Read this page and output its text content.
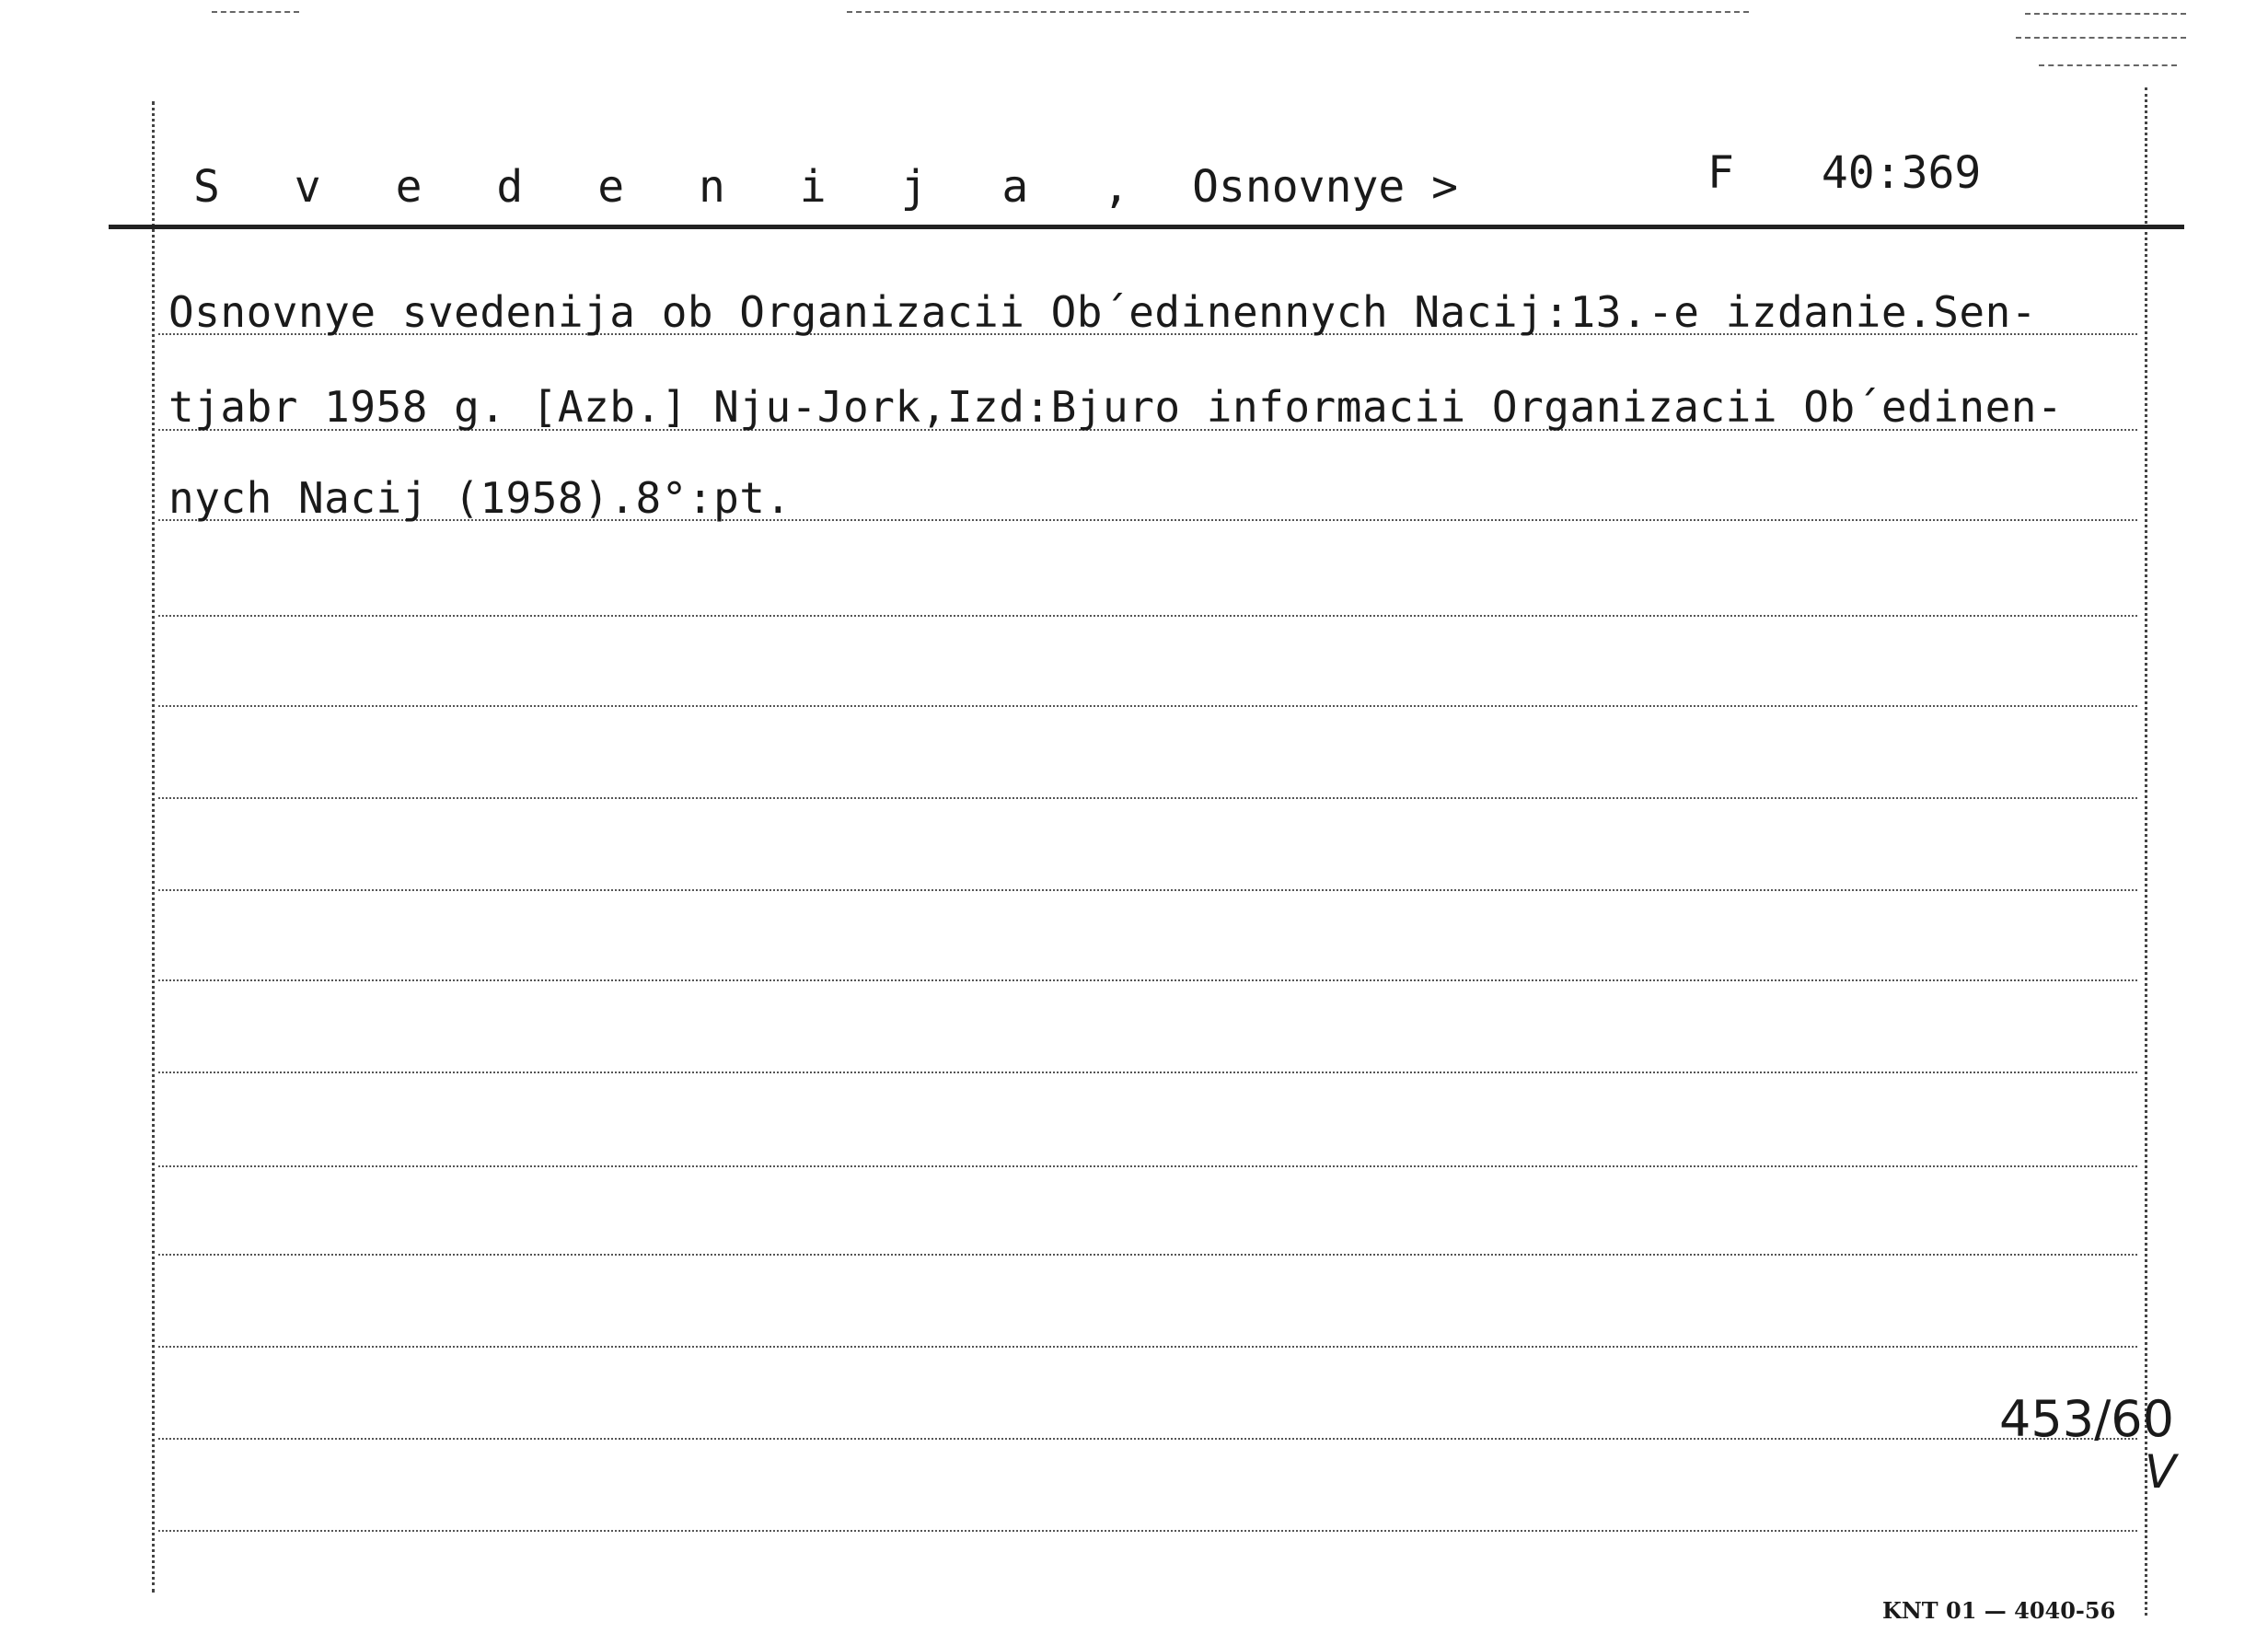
S v e d e n i j a , Osnovnye >	F 40:369
Osnovnye svedenija ob Organizacii Ob´edinennych Nacij:13.-e izdanie.Sen-
tjabr 1958 g. [Azb.] Nju-Jork,Izd:Bjuro informacii Organizacii Ob´edinen-
nych Nacij (1958).8°:pt.
453/60
V
KNT 01 — 4040-56
